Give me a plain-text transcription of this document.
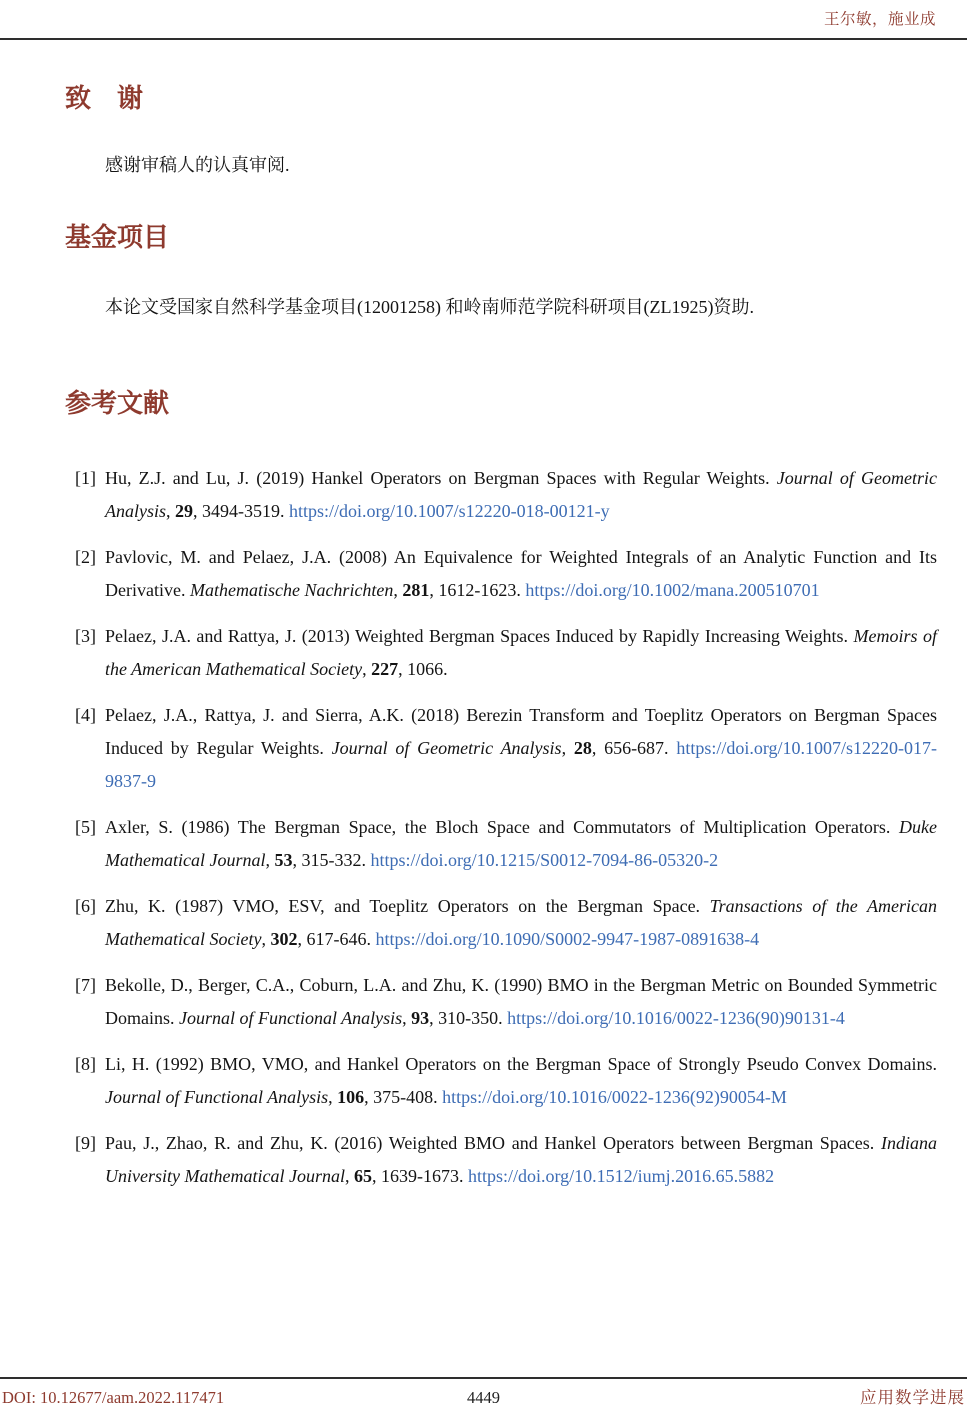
王尔敏，施业成
致　谢

感谢审稿人的认真审阅.

基金项目

本论文受国家自然科学基金项目(12001258) 和岭南师范学院科研项目(ZL1925)资助.

参考文献
[1] Hu, Z.J. and Lu, J. (2019) Hankel Operators on Bergman Spaces with Regular Weights. Journal of Geometric Analysis, 29, 3494-3519. https://doi.org/10.1007/s12220-018-00121-y
[2] Pavlovic, M. and Pelaez, J.A. (2008) An Equivalence for Weighted Integrals of an Analytic Function and Its Derivative. Mathematische Nachrichten, 281, 1612-1623. https://doi.org/10.1002/mana.200510701
[3] Pelaez, J.A. and Rattya, J. (2013) Weighted Bergman Spaces Induced by Rapidly Increasing Weights. Memoirs of the American Mathematical Society, 227, 1066.
[4] Pelaez, J.A., Rattya, J. and Sierra, A.K. (2018) Berezin Transform and Toeplitz Operators on Bergman Spaces Induced by Regular Weights. Journal of Geometric Analysis, 28, 656-687. https://doi.org/10.1007/s12220-017-9837-9
[5] Axler, S. (1986) The Bergman Space, the Bloch Space and Commutators of Multiplication Operators. Duke Mathematical Journal, 53, 315-332. https://doi.org/10.1215/S0012-7094-86-05320-2
[6] Zhu, K. (1987) VMO, ESV, and Toeplitz Operators on the Bergman Space. Transactions of the American Mathematical Society, 302, 617-646. https://doi.org/10.1090/S0002-9947-1987-0891638-4
[7] Bekolle, D., Berger, C.A., Coburn, L.A. and Zhu, K. (1990) BMO in the Bergman Metric on Bounded Symmetric Domains. Journal of Functional Analysis, 93, 310-350. https://doi.org/10.1016/0022-1236(90)90131-4
[8] Li, H. (1992) BMO, VMO, and Hankel Operators on the Bergman Space of Strongly Pseudo Convex Domains. Journal of Functional Analysis, 106, 375-408. https://doi.org/10.1016/0022-1236(92)90054-M
[9] Pau, J., Zhao, R. and Zhu, K. (2016) Weighted BMO and Hankel Operators between Bergman Spaces. Indiana University Mathematical Journal, 65, 1639-1673. https://doi.org/10.1512/iumj.2016.65.5882
DOI: 10.12677/aam.2022.117471	4449	应用数学进展
